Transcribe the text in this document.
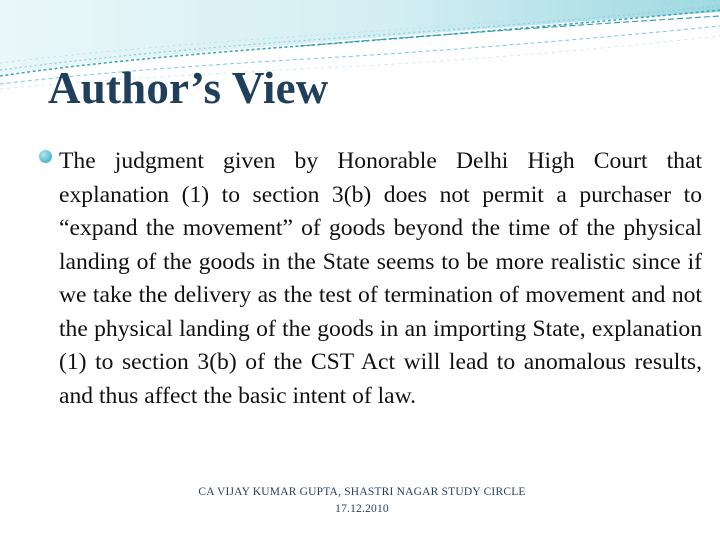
Author’s View

The judgment given by Honorable Delhi High Court that explanation (1) to section 3(b) does not permit a purchaser to “expand the movement” of goods beyond the time of the physical landing of the goods in the State seems to be more realistic since if we take the delivery as the test of termination of movement and not the physical landing of the goods in an importing State, explanation (1) to section 3(b) of the CST Act will lead to anomalous results, and thus affect the basic intent of law.

CA VIJAY KUMAR GUPTA, SHASTRI NAGAR STUDY CIRCLE
17.12.2010
